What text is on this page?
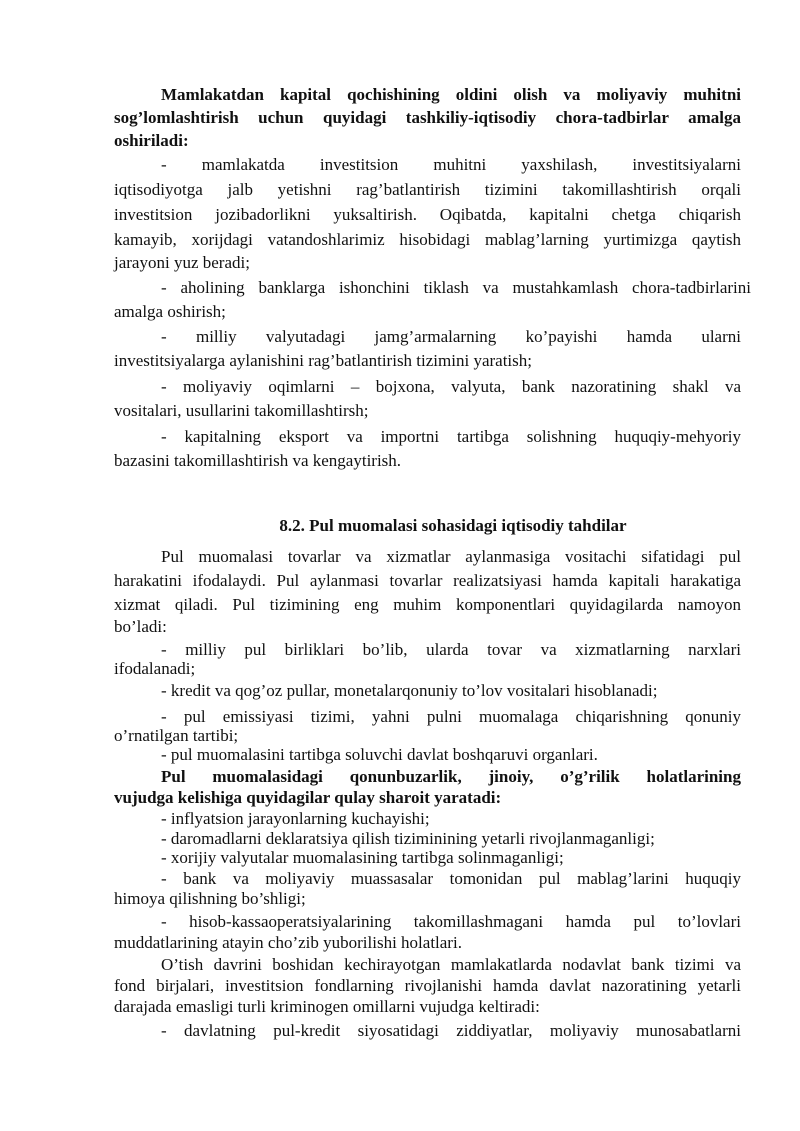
Mamlakatdan kapital qochishining oldini olish va moliyaviy muhitni

sog’lomlashtirish uchun quyidagi tashkiliy-iqtisodiy chora-tadbirlar amalga

oshiriladi:

- mamlakatda investitsion muhitni yaxshilash, investitsiyalarni

iqtisodiyotga jalb yetishni rag’batlantirish tizimini takomillashtirish orqali

investitsion jozibadorlikni yuksaltirish. Oqibatda, kapitalni chetga chiqarish

kamayib, xorijdagi vatandoshlarimiz hisobidagi mablag’larning yurtimizga qaytish

jarayoni yuz beradi;

- aholining banklarga ishonchini tiklash va mustahkamlash chora-tadbirlarini

amalga oshirish;

- milliy valyutadagi jamg’armalarning ko’payishi hamda ularni

investitsiyalarga aylanishini rag’batlantirish tizimini yaratish;

- moliyaviy oqimlarni – bojxona, valyuta, bank nazoratining shakl va

vositalari, usullarini takomillashtirsh;

- kapitalning eksport va importni tartibga solishning huquqiy-mehyoriy

bazasini takomillashtirish va kengaytirish.

8.2. Pul muomalasi sohasidagi iqtisodiy tahdilar

Pul muomalasi tovarlar va xizmatlar aylanmasiga vositachi sifatidagi pul

harakatini ifodalaydi. Pul aylanmasi tovarlar realizatsiyasi hamda kapitali harakatiga

xizmat qiladi. Pul tizimining eng muhim komponentlari quyidagilarda namoyon

bo’ladi:

- milliy pul birliklari bo’lib, ularda tovar va xizmatlarning narxlari

ifodalanadi;

- kredit va qog’oz pullar, monetalarqonuniy to’lov vositalari hisoblanadi;

- pul emissiyasi tizimi, yahni pulni muomalaga chiqarishning qonuniy

o’rnatilgan tartibi;

- pul muomalasini tartibga soluvchi davlat boshqaruvi organlari.

Pul muomalasidagi qonunbuzarlik, jinoiy, o’g’rilik holatlarining

vujudga kelishiga quyidagilar qulay sharoit yaratadi:

- inflyatsion jarayonlarning kuchayishi;

- daromadlarni deklaratsiya qilish tiziminining yetarli rivojlanmaganligi;

- xorijiy valyutalar muomalasining tartibga solinmaganligi;

- bank va moliyaviy muassasalar tomonidan pul mablag’larini huquqiy

himoya qilishning bo’shligi;

- hisob-kassaoperatsiyalarining takomillashmagani hamda pul to’lovlari

muddatlarining atayin cho’zib yuborilishi holatlari.

O’tish davrini boshidan kechirayotgan mamlakatlarda nodavlat bank tizimi va

fond birjalari, investitsion fondlarning rivojlanishi hamda davlat nazoratining yetarli

darajada emasligi turli kriminogen omillarni vujudga keltiradi:

- davlatning pul-kredit siyosatidagi ziddiyatlar, moliyaviy munosabatlarni
